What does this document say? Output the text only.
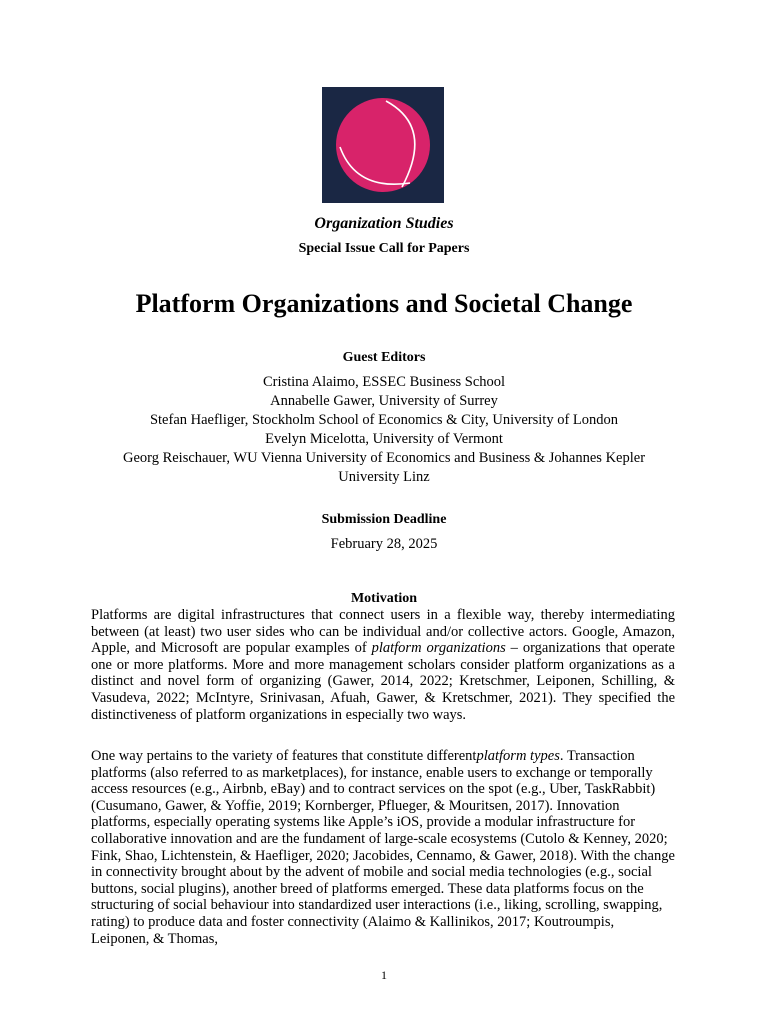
Organization Studies
Special Issue Call for Papers
Platform Organizations and Societal Change
Guest Editors
Cristina Alaimo, ESSEC Business School
Annabelle Gawer, University of Surrey
Stefan Haefliger, Stockholm School of Economics & City, University of London
Evelyn Micelotta, University of Vermont
Georg Reischauer, WU Vienna University of Economics and Business & Johannes Kepler
University Linz
Submission Deadline
February 28, 2025
Motivation
Platforms are digital infrastructures that connect users in a flexible way, thereby intermediating between (at least) two user sides who can be individual and/or collective actors. Google, Amazon, Apple, and Microsoft are popular examples of platform organizations – organizations that operate one or more platforms. More and more management scholars consider platform organizations as a distinct and novel form of organizing (Gawer, 2014, 2022; Kretschmer, Leiponen, Schilling, & Vasudeva, 2022; McIntyre, Srinivasan, Afuah, Gawer, & Kretschmer, 2021). They specified the distinctiveness of platform organizations in especially two ways.
One way pertains to the variety of features that constitute differentplatform types. Transaction platforms (also referred to as marketplaces), for instance, enable users to exchange or temporally access resources (e.g., Airbnb, eBay) and to contract services on the spot (e.g., Uber, TaskRabbit) (Cusumano, Gawer, & Yoffie, 2019; Kornberger, Pflueger, & Mouritsen, 2017). Innovation platforms, especially operating systems like Apple’s iOS, provide a modular infrastructure for collaborative innovation and are the fundament of large-scale ecosystems (Cutolo & Kenney, 2020; Fink, Shao, Lichtenstein, & Haefliger, 2020; Jacobides, Cennamo, & Gawer, 2018). With the change in connectivity brought about by the advent of mobile and social media technologies (e.g., social buttons, social plugins), another breed of platforms emerged. These data platforms focus on the structuring of social behaviour into standardized user interactions (i.e., liking, scrolling, swapping, rating) to produce data and foster connectivity (Alaimo & Kallinikos, 2017; Koutroumpis, Leiponen, & Thomas,
1
